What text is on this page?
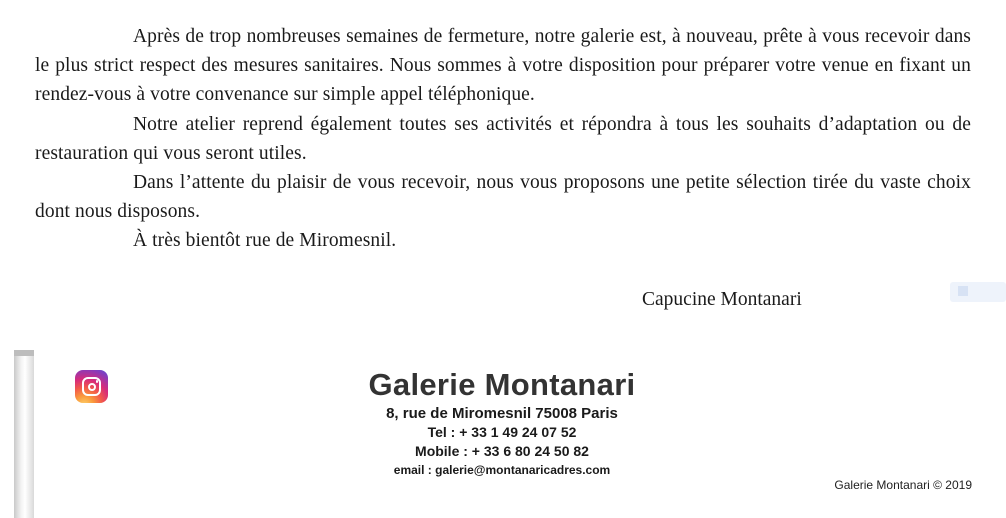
Après de trop nombreuses semaines de fermeture, notre galerie est, à nouveau, prête à vous recevoir dans le plus strict respect des mesures sanitaires. Nous sommes à votre disposition pour préparer votre venue en fixant un rendez-vous à votre convenance sur simple appel téléphonique.

Notre atelier reprend également toutes ses activités et répondra à tous les souhaits d’adaptation ou de restauration qui vous seront utiles.

Dans l’attente du plaisir de vous recevoir, nous vous proposons une petite sélection tirée du vaste choix dont nous disposons.

À très bientôt rue de Miromesnil.

Capucine Montanari
Galerie Montanari
8, rue de Miromesnil 75008 Paris
Tel : + 33 1 49 24 07 52
Mobile : + 33 6 80 24 50 82
email : galerie@montanaricadres.com
Galerie Montanari © 2019
